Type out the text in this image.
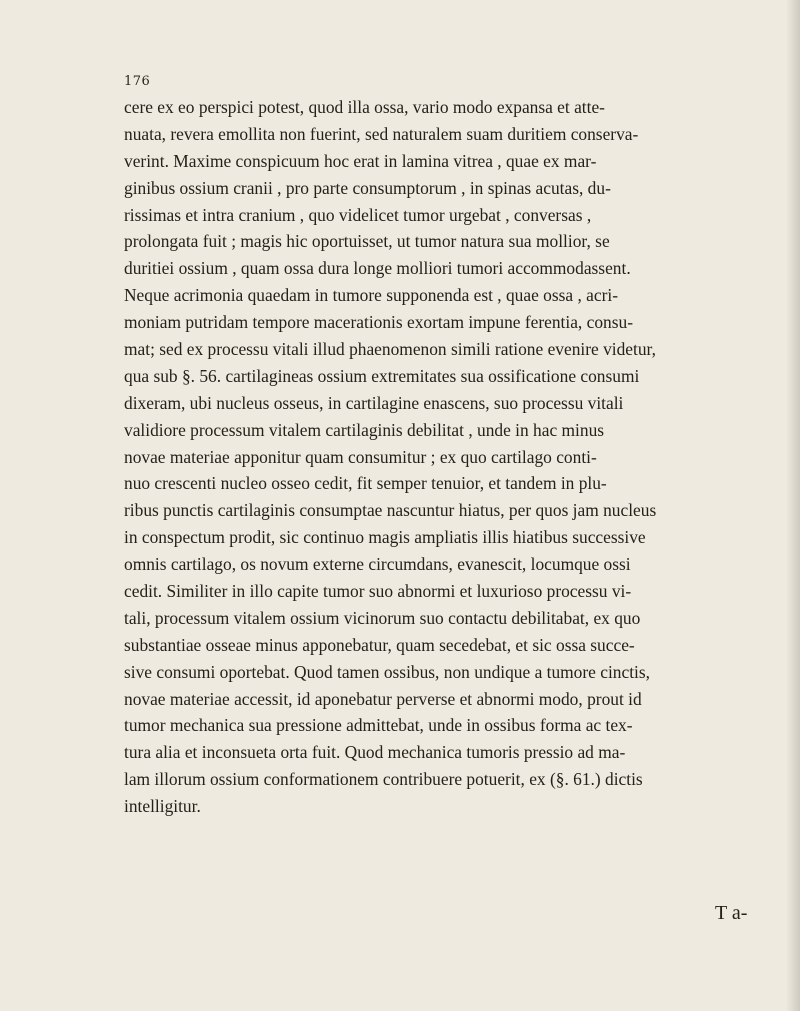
176
cere ex eo perspici potest, quod illa ossa, vario modo expansa et atte-
nuata, revera emollita non fuerint, sed naturalem suam duritiem conserva-
verint. Maxime conspicuum hoc erat in lamina vitrea , quae ex mar-
ginibus ossium cranii , pro parte consumptorum , in spinas acutas, du-
rissimas et intra cranium , quo videlicet tumor urgebat , conversas ,
prolongata fuit ; magis hic oportuisset, ut tumor natura sua mollior, se
duritiei ossium , quam ossa dura longe molliori tumori accommodassent.
Neque acrimonia quaedam in tumore supponenda est , quae ossa , acri-
moniam putridam tempore macerationis exortam impune ferentia, consu-
mat; sed ex processu vitali illud phaenomenon simili ratione evenire videtur,
qua sub §. 56. cartilagineas ossium extremitates sua ossificatione consumi
dixeram, ubi nucleus osseus, in cartilagine enascens, suo processu vitali
validiore processum vitalem cartilaginis debilitat , unde in hac minus
novae materiae apponitur quam consumitur ; ex quo cartilago conti-
nuo crescenti nucleo osseo cedit, fit semper tenuior, et tandem in plu-
ribus punctis cartilaginis consumptae nascuntur hiatus, per quos jam nucleus
in conspectum prodit, sic continuo magis ampliatis illis hiatibus successive
omnis cartilago, os novum externe circumdans, evanescit, locumque ossi
cedit. Similiter in illo capite tumor suo abnormi et luxurioso processu vi-
tali, processum vitalem ossium vicinorum suo contactu debilitabat, ex quo
substantiae osseae minus apponebatur, quam secedebat, et sic ossa succe-
sive consumi oportebat. Quod tamen ossibus, non undique a tumore cinctis,
novae materiae accessit, id aponebatur perverse et abnormi modo, prout id
tumor mechanica sua pressione admittebat, unde in ossibus forma ac tex-
tura alia et inconsueta orta fuit. Quod mechanica tumoris pressio ad ma-
lam illorum ossium conformationem contribuere potuerit, ex (§. 61.) dictis
intelligitur.
T a-
